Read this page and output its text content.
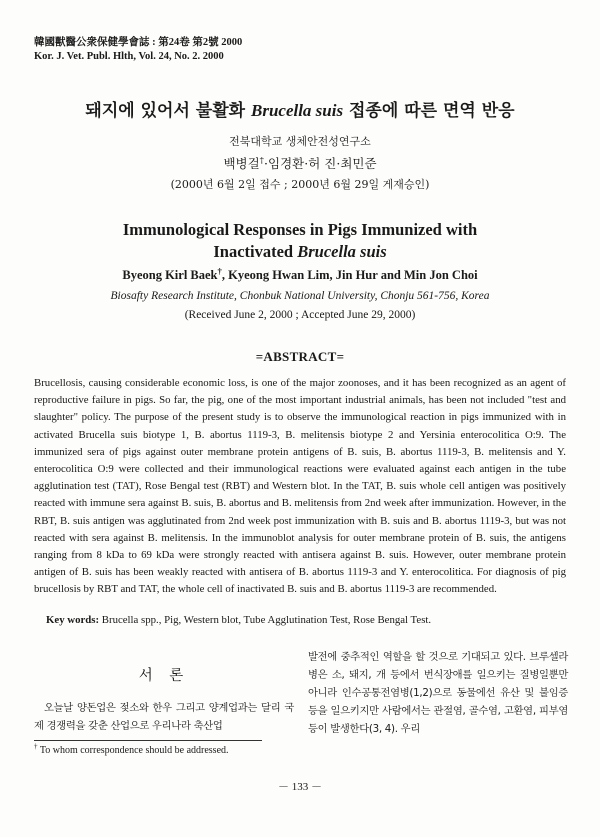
韓國獸醫公衆保健學會誌 : 第24卷 第2號 2000
Kor. J. Vet. Publ. Hlth, Vol. 24, No. 2. 2000
돼지에 있어서 불활화 Brucella suis 접종에 따른 면역 반응
전북대학교 생체안전성연구소
백병걸†·임경환·허 진·최민준
(2000년 6월 2일 접수 ; 2000년 6월 29일 게재승인)
Immunological Responses in Pigs Immunized with
Inactivated Brucella suis
Byeong Kirl Baek†, Kyeong Hwan Lim, Jin Hur and Min Jon Choi
Biosafty Research Institute, Chonbuk National University, Chonju 561-756, Korea
(Received June 2, 2000 ; Accepted June 29, 2000)
=ABSTRACT=
Brucellosis, causing considerable economic loss, is one of the major zoonoses, and it has been recognized as an agent of reproductive failure in pigs. So far, the pig, one of the most important industrial animals, has been not included "test and slaughter" policy. The purpose of the present study is to observe the immunological reaction in pigs immunized with in activated Brucella suis biotype 1, B. abortus 1119-3, B. melitensis biotype 2 and Yersinia enterocolitica O:9. The immunized sera of pigs against outer membrane protein antigens of B. suis, B. abortus 1119-3, B. melitensis and Y. enterocolitica O:9 were collected and their immunological reactions were evaluated against each antigen in the tube agglutination test (TAT), Rose Bengal test (RBT) and Western blot. In the TAT, B. suis whole cell antigen was positively reacted with immune sera against B. suis, B. abortus and B. melitensis from 2nd week after immunization. However, in the RBT, B. suis antigen was agglutinated from 2nd week post immunization with B. suis and B. abortus 1119-3, but was not reacted with sera against B. melitensis. In the immunoblot analysis for outer membrane protein of B. suis, the antigens ranging from 8 kDa to 69 kDa were strongly reacted with antisera against B. suis. However, outer membrane protein antigen of B. suis has been weakly reacted with antisera of B. abortus 1119-3 and Y. enterocolitica. For diagnosis of pig brucellosis by RBT and TAT, the whole cell of inactivated B. suis and B. abortus 1119-3 are recommended.
Key words: Brucella spp., Pig, Western blot, Tube Agglutination Test, Rose Bengal Test.
서 론
오늘날 양돈업은 젖소와 한우 그리고 양계업과는 달리 국제 경쟁력을 갖춘 산업으로 우리나라 축산업
발전에 중추적인 역할을 할 것으로 기대되고 있다. 브루셀라병은 소, 돼지, 개 등에서 번식장애를 일으키는 질병일뿐만 아니라 인수공통전염병(1,2)으로 동물에선 유산 및 불임증 등을 일으키지만 사람에서는 관절염, 골수염, 고환염, 피부염 등이 발생한다(3, 4). 우리
† To whom correspondence should be addressed.
－ 133 －
